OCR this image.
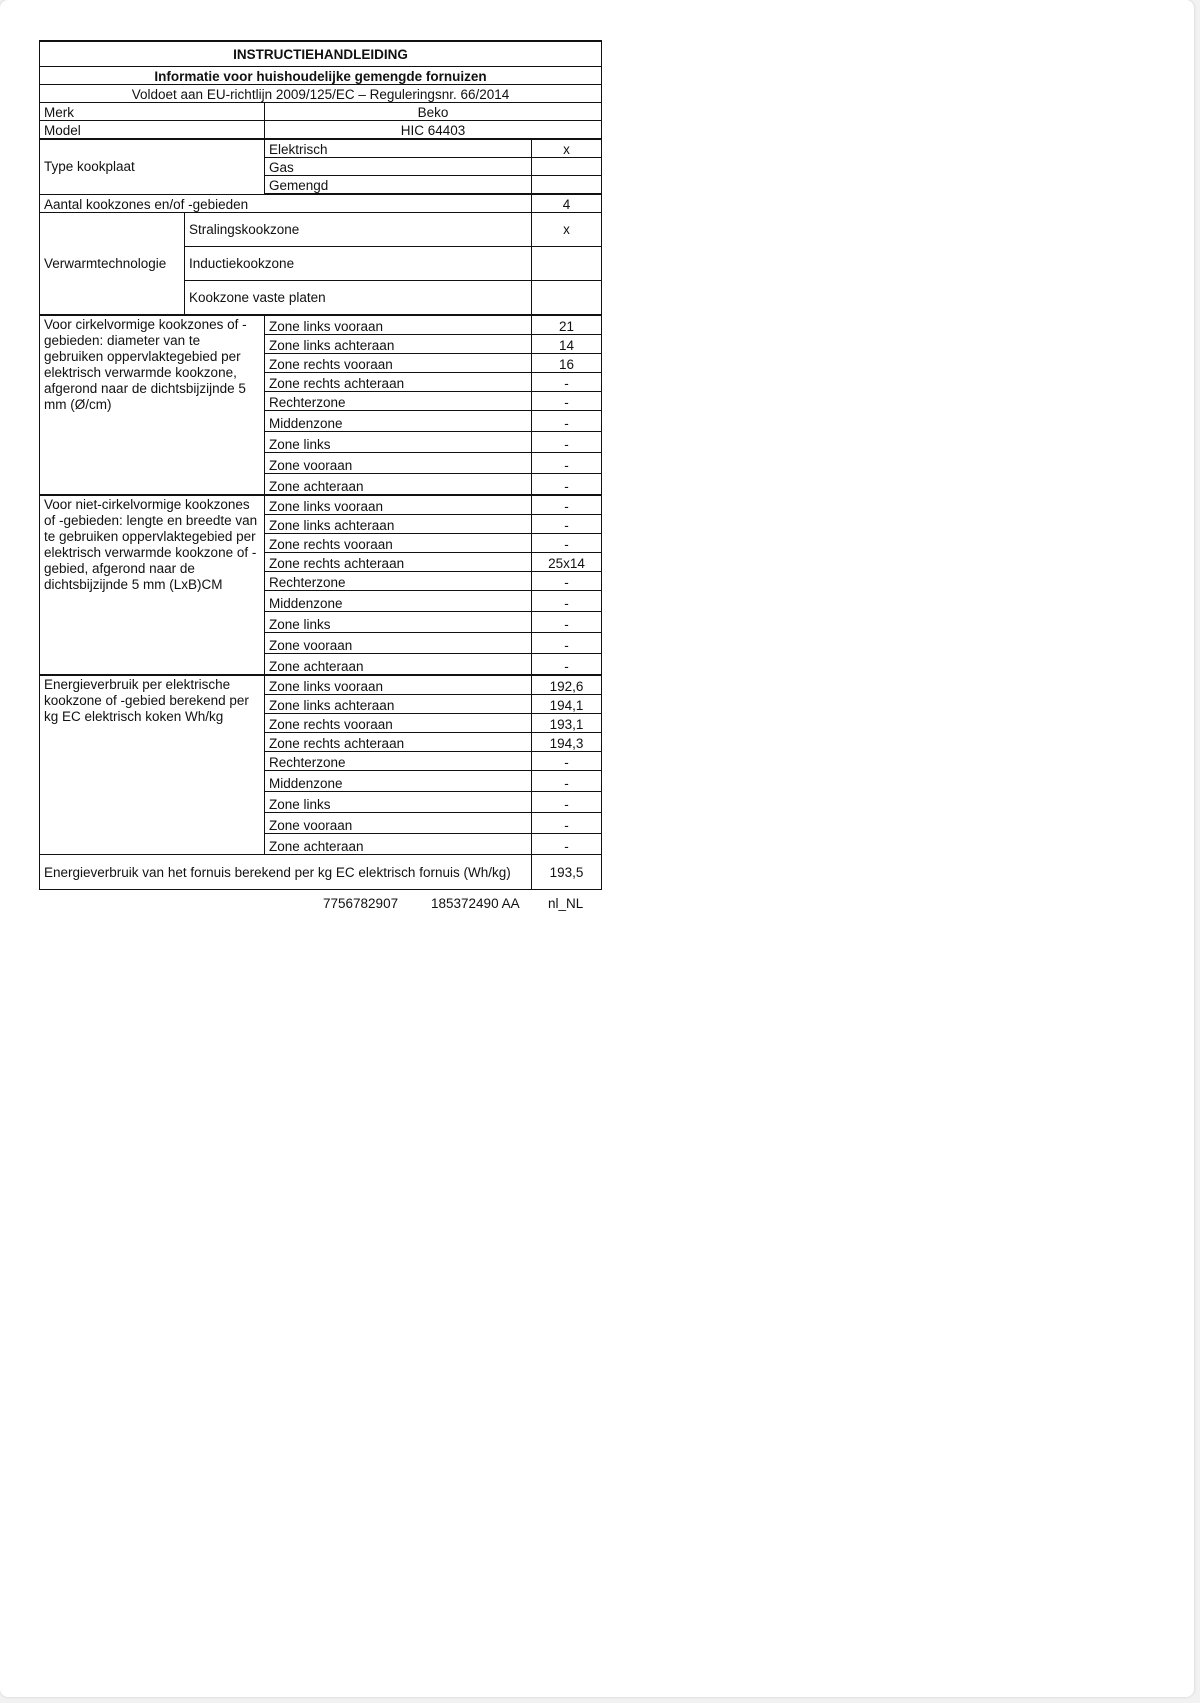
INSTRUCTIEHANDLEIDING			
Informatie voor huishoudelijke gemengde fornuizen			
Voldoet aan EU-richtlijn 2009/125/EC – Reguleringsnr. 66/2014			
Merk		Beko	
Model		HIC 64403	
Type kookplaat		Elektrisch	x
		Gas	
		Gemengd	
Aantal kookzones en/of -gebieden			4
Verwarmtechnologie	Stralingskookzone		x
	Inductiekookzone		
	Kookzone vaste platen		
Voor cirkelvormige kookzones of -gebieden: diameter van te gebruiken oppervlaktegebied per elektrisch verwarmde kookzone, afgerond naar de dichtsbijzijnde 5 mm (Ø/cm)		Zone links vooraan	21
		Zone links achteraan	14
		Zone rechts vooraan	16
		Zone rechts achteraan	-
		Rechterzone	-
		Middenzone	-
		Zone links	-
		Zone vooraan	-
		Zone achteraan	-
Voor niet-cirkelvormige kookzones of -gebieden: lengte en breedte van te gebruiken oppervlaktegebied per elektrisch verwarmde kookzone of -gebied, afgerond naar de dichtsbijzijnde 5 mm (LxB)CM		Zone links vooraan	-
		Zone links achteraan	-
		Zone rechts vooraan	-
		Zone rechts achteraan	25x14
		Rechterzone	-
		Middenzone	-
		Zone links	-
		Zone vooraan	-
		Zone achteraan	-
Energieverbruik per elektrische kookzone of -gebied berekend per kg EC elektrisch koken Wh/kg		Zone links vooraan	192,6
		Zone links achteraan	194,1
		Zone rechts vooraan	193,1
		Zone rechts achteraan	194,3
		Rechterzone	-
		Middenzone	-
		Zone links	-
		Zone vooraan	-
		Zone achteraan	-
Energieverbruik van het fornuis berekend per kg EC elektrisch fornuis (Wh/kg)			193,5
7756782907 185372490 AA nl_NL
